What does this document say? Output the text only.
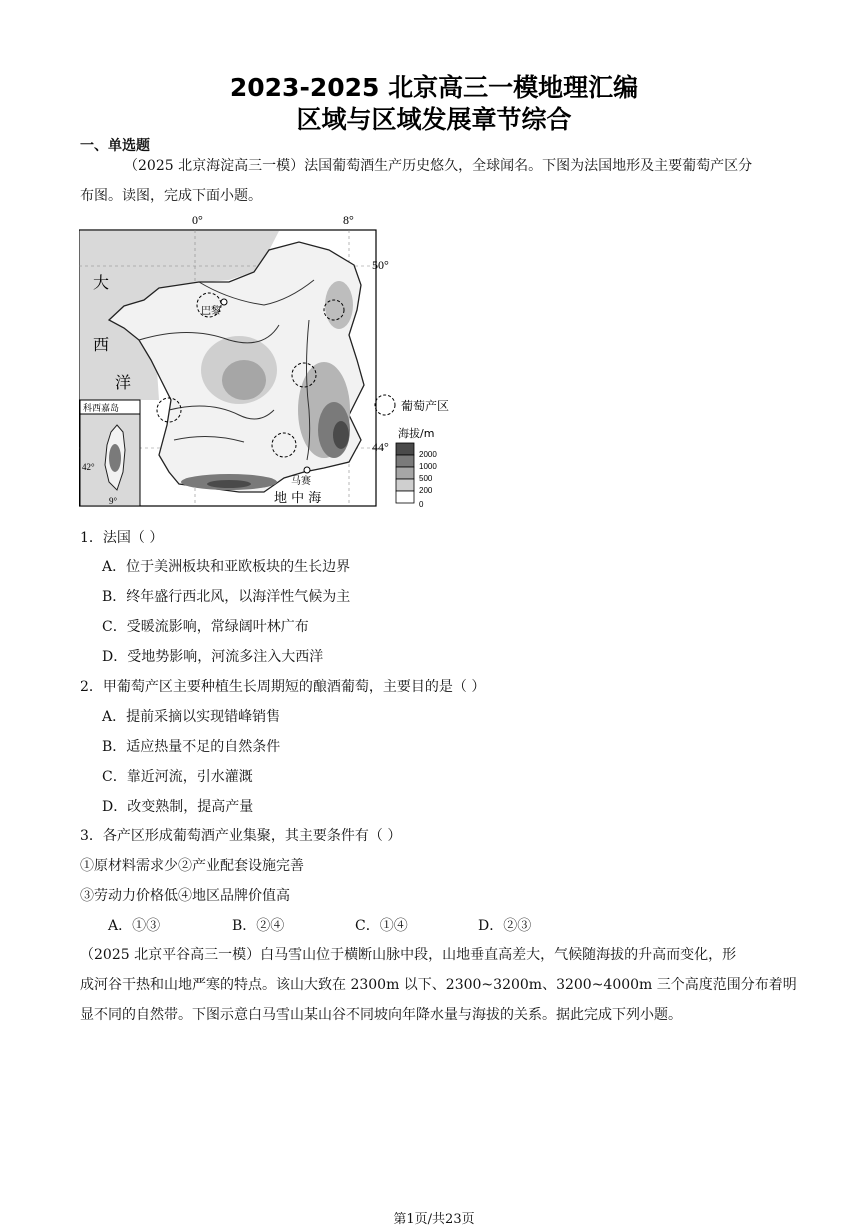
2023-2025 北京高三一模地理汇编
区域与区域发展章节综合
一、单选题
（2025 北京海淀高三一模）法国葡萄酒生产历史悠久，全球闻名。下图为法国地形及主要葡萄产区分
布图。读图，完成下面小题。
0°	8°
巴黎
马赛
大
西
洋
地 中 海
科西嘉岛
42°
9°
50°
44°
葡萄产区
海拔/m
2000
1000
500
200
0
1．法国（ ）
A．位于美洲板块和亚欧板块的生长边界
B．终年盛行西北风，以海洋性气候为主
C．受暖流影响，常绿阔叶林广布
D．受地势影响，河流多注入大西洋
2．甲葡萄产区主要种植生长周期短的酿酒葡萄，主要目的是（ ）
A．提前采摘以实现错峰销售
B．适应热量不足的自然条件
C．靠近河流，引水灌溉
D．改变熟制，提高产量
3．各产区形成葡萄酒产业集聚，其主要条件有（ ）
①原材料需求少②产业配套设施完善
③劳动力价格低④地区品牌价值高
A．①③	B．②④	C．①④	D．②③
（2025 北京平谷高三一模）白马雪山位于横断山脉中段，山地垂直高差大，气候随海拔的升高而变化，形
成河谷干热和山地严寒的特点。该山大致在 2300m 以下、2300~3200m、3200~4000m 三个高度范围分布着明
显不同的自然带。下图示意白马雪山某山谷不同坡向年降水量与海拔的关系。据此完成下列小题。
第1页/共23页
